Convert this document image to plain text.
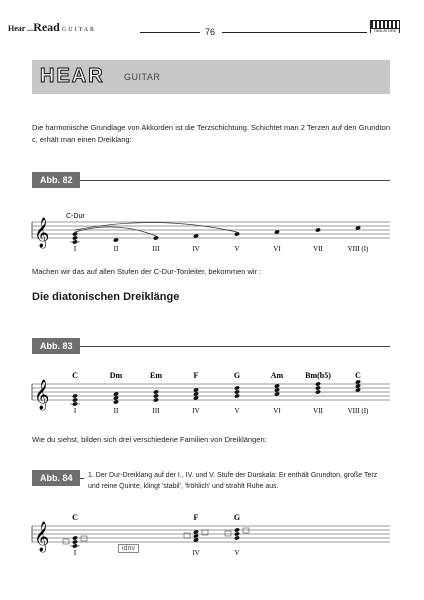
Hear ...Read GUITAR	76	TABLATURE
HEAR GUITAR
Die harmonische Grundlage von Akkorden ist die Terzschichtung. Schichtet man 2 Terzen auf den Grundton c, erhält man einen Dreiklang:
Abb. 82
Machen wir das auf allen Stufen der C-Dur-Tonleiter, bekommen wir :
Die diatonischen Dreiklänge
Abb. 83
Wie du siehst, bilden sich drei verschiedene Familien von Dreiklängen:
Abb. 84	1. Der Dur-Dreiklang auf der I., IV. und V. Stufe der Durskala: Er enthält Grundton, große Terz und reine Quinte, klingt 'stabil', 'fröhlich' und strahlt Ruhe aus.
𝄞
I	II	III	IV	V	VI	VII	VIII (I)
C-Dur
𝄞
C
I
Dm
II
Em
III
F
IV
G
V
Am
VI
Bm(b5)
VII
C
VIII (I)
𝄞
C
I
F
IV
G
V
idnv
